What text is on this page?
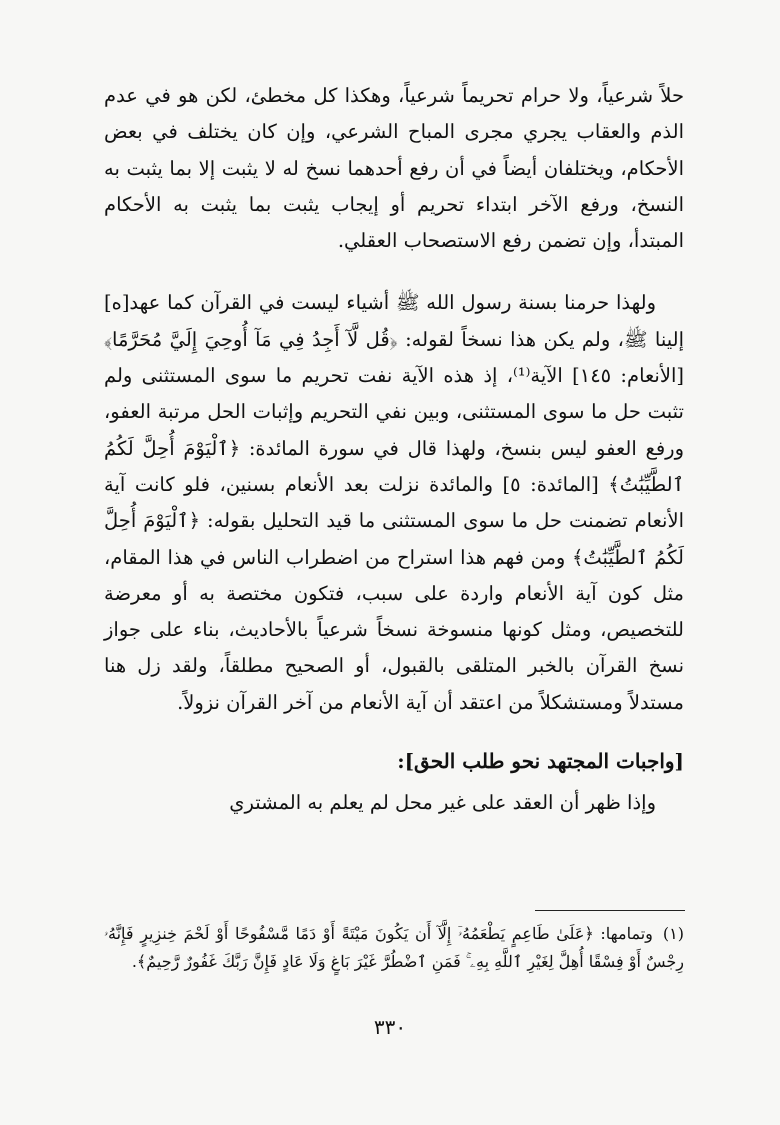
حلاً شرعياً، ولا حرام تحريماً شرعياً، وهكذا كل مخطئ، لكن هو في عدم الذم والعقاب يجري مجرى المباح الشرعي، وإن كان يختلف في بعض الأحكام، ويختلفان أيضاً في أن رفع أحدهما نسخ له لا يثبت إلا بما يثبت به النسخ، ورفع الآخر ابتداء تحريم أو إيجاب يثبت بما يثبت به الأحكام المبتدأ، وإن تضمن رفع الاستصحاب العقلي.

ولهذا حرمنا بسنة رسول الله ﷺ أشياء ليست في القرآن كما عهد[ه] إلينا ﷺ، ولم يكن هذا نسخاً لقوله: ﴿قُل لَّآ أَجِدُ فِي مَآ أُوحِيَ إِلَيَّ مُحَرَّمًا﴾ [الأنعام: ١٤٥] الآية⁽¹⁾، إذ هذه الآية نفت تحريم ما سوى المستثنى ولم تثبت حل ما سوى المستثنى، وبين نفي التحريم وإثبات الحل مرتبة العفو، ورفع العفو ليس بنسخ، ولهذا قال في سورة المائدة: ﴿ٱلْيَوْمَ أُحِلَّ لَكُمُ ٱلطَّيِّبَٰتُ﴾ [المائدة: ٥] والمائدة نزلت بعد الأنعام بسنين، فلو كانت آية الأنعام تضمنت حل ما سوى المستثنى ما قيد التحليل بقوله: ﴿ٱلْيَوْمَ أُحِلَّ لَكُمُ ٱلطَّيِّبَٰتُ﴾ ومن فهم هذا استراح من اضطراب الناس في هذا المقام، مثل كون آية الأنعام واردة على سبب، فتكون مختصة به أو معرضة للتخصيص، ومثل كونها منسوخة نسخاً شرعياً بالأحاديث، بناء على جواز نسخ القرآن بالخبر المتلقى بالقبول، أو الصحيح مطلقاً، ولقد زل هنا مستدلاً ومستشكلاً من اعتقد أن آية الأنعام من آخر القرآن نزولاً.

[واجبات المجتهد نحو طلب الحق]:

وإذا ظهر أن العقد على غير محل لم يعلم به المشتري

(١)وتمامها: ﴿عَلَىٰ طَاعِمٍ يَطْعَمُهُۥٓ إِلَّآ أَن يَكُونَ مَيْتَةً أَوْ دَمًا مَّسْفُوحًا أَوْ لَحْمَ خِنزِيرٍ فَإِنَّهُۥ رِجْسٌ أَوْ فِسْقًا أُهِلَّ لِغَيْرِ ٱللَّهِ بِهِۦ ۚ فَمَنِ ٱضْطُرَّ غَيْرَ بَاغٍ وَلَا عَادٍ فَإِنَّ رَبَّكَ غَفُورٌ رَّحِيمٌ﴾.
٣٣٠
